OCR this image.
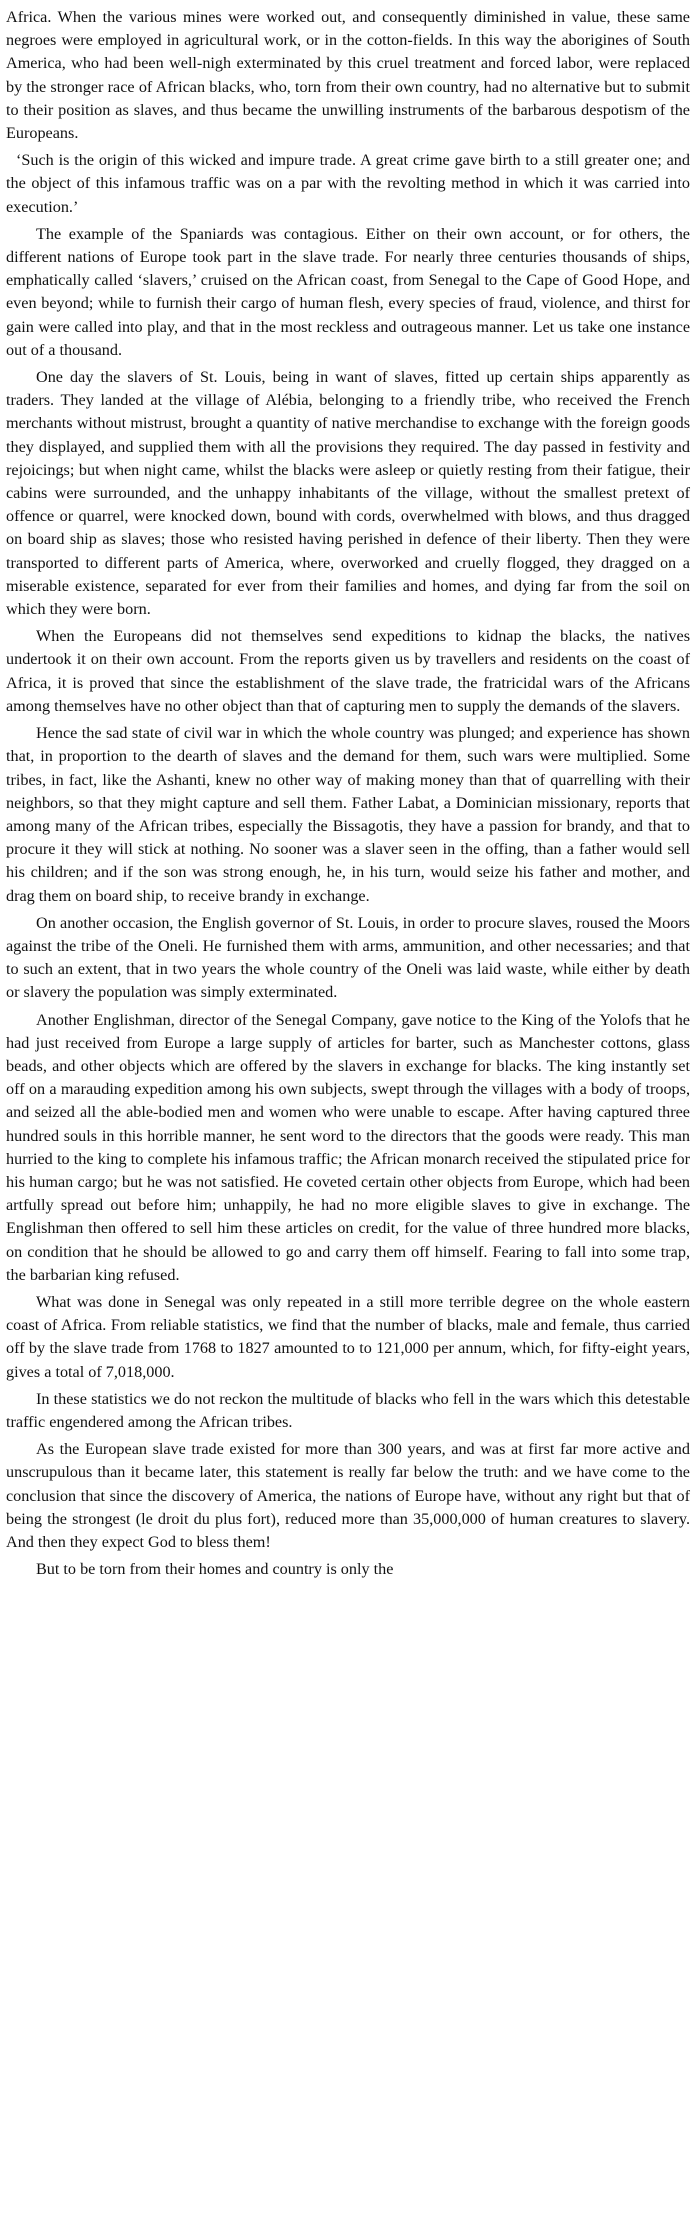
Africa. When the various mines were worked out, and consequently diminished in value, these same negroes were employed in agricultural work, or in the cotton-fields. In this way the aborigines of South America, who had been well-nigh exterminated by this cruel treatment and forced labor, were replaced by the stronger race of African blacks, who, torn from their own country, had no alternative but to submit to their position as slaves, and thus became the unwilling instruments of the barbarous despotism of the Europeans.

‘Such is the origin of this wicked and impure trade. A great crime gave birth to a still greater one; and the object of this infamous traffic was on a par with the revolting method in which it was carried into execution.’

The example of the Spaniards was contagious. Either on their own account, or for others, the different nations of Europe took part in the slave trade. For nearly three centuries thousands of ships, emphatically called ‘slavers,’ cruised on the African coast, from Senegal to the Cape of Good Hope, and even beyond; while to furnish their cargo of human flesh, every species of fraud, violence, and thirst for gain were called into play, and that in the most reckless and outrageous manner. Let us take one instance out of a thousand.

One day the slavers of St. Louis, being in want of slaves, fitted up certain ships apparently as traders. They landed at the village of Alébia, belonging to a friendly tribe, who received the French merchants without mistrust, brought a quantity of native merchandise to exchange with the foreign goods they displayed, and supplied them with all the provisions they required. The day passed in festivity and rejoicings; but when night came, whilst the blacks were asleep or quietly resting from their fatigue, their cabins were surrounded, and the unhappy inhabitants of the village, without the smallest pretext of offence or quarrel, were knocked down, bound with cords, overwhelmed with blows, and thus dragged on board ship as slaves; those who resisted having perished in defence of their liberty. Then they were transported to different parts of America, where, overworked and cruelly flogged, they dragged on a miserable existence, separated for ever from their families and homes, and dying far from the soil on which they were born.

When the Europeans did not themselves send expeditions to kidnap the blacks, the natives undertook it on their own account. From the reports given us by travellers and residents on the coast of Africa, it is proved that since the establishment of the slave trade, the fratricidal wars of the Africans among themselves have no other object than that of capturing men to supply the demands of the slavers.

Hence the sad state of civil war in which the whole country was plunged; and experience has shown that, in proportion to the dearth of slaves and the demand for them, such wars were multiplied. Some tribes, in fact, like the Ashanti, knew no other way of making money than that of quarrelling with their neighbors, so that they might capture and sell them. Father Labat, a Dominician missionary, reports that among many of the African tribes, especially the Bissagotis, they have a passion for brandy, and that to procure it they will stick at nothing. No sooner was a slaver seen in the offing, than a father would sell his children; and if the son was strong enough, he, in his turn, would seize his father and mother, and drag them on board ship, to receive brandy in exchange.

On another occasion, the English governor of St. Louis, in order to procure slaves, roused the Moors against the tribe of the Oneli. He furnished them with arms, ammunition, and other necessaries; and that to such an extent, that in two years the whole country of the Oneli was laid waste, while either by death or slavery the population was simply exterminated.

Another Englishman, director of the Senegal Company, gave notice to the King of the Yolofs that he had just received from Europe a large supply of articles for barter, such as Manchester cottons, glass beads, and other objects which are offered by the slavers in exchange for blacks. The king instantly set off on a marauding expedition among his own subjects, swept through the villages with a body of troops, and seized all the able-bodied men and women who were unable to escape. After having captured three hundred souls in this horrible manner, he sent word to the directors that the goods were ready. This man hurried to the king to complete his infamous traffic; the African monarch received the stipulated price for his human cargo; but he was not satisfied. He coveted certain other objects from Europe, which had been artfully spread out before him; unhappily, he had no more eligible slaves to give in exchange. The Englishman then offered to sell him these articles on credit, for the value of three hundred more blacks, on condition that he should be allowed to go and carry them off himself. Fearing to fall into some trap, the barbarian king refused.

What was done in Senegal was only repeated in a still more terrible degree on the whole eastern coast of Africa. From reliable statistics, we find that the number of blacks, male and female, thus carried off by the slave trade from 1768 to 1827 amounted to to 121,000 per annum, which, for fifty-eight years, gives a total of 7,018,000.

In these statistics we do not reckon the multitude of blacks who fell in the wars which this detestable traffic engendered among the African tribes.

As the European slave trade existed for more than 300 years, and was at first far more active and unscrupulous than it became later, this statement is really far below the truth: and we have come to the conclusion that since the discovery of America, the nations of Europe have, without any right but that of being the strongest (le droit du plus fort), reduced more than 35,000,000 of human creatures to slavery. And then they expect God to bless them!

But to be torn from their homes and country is only the
